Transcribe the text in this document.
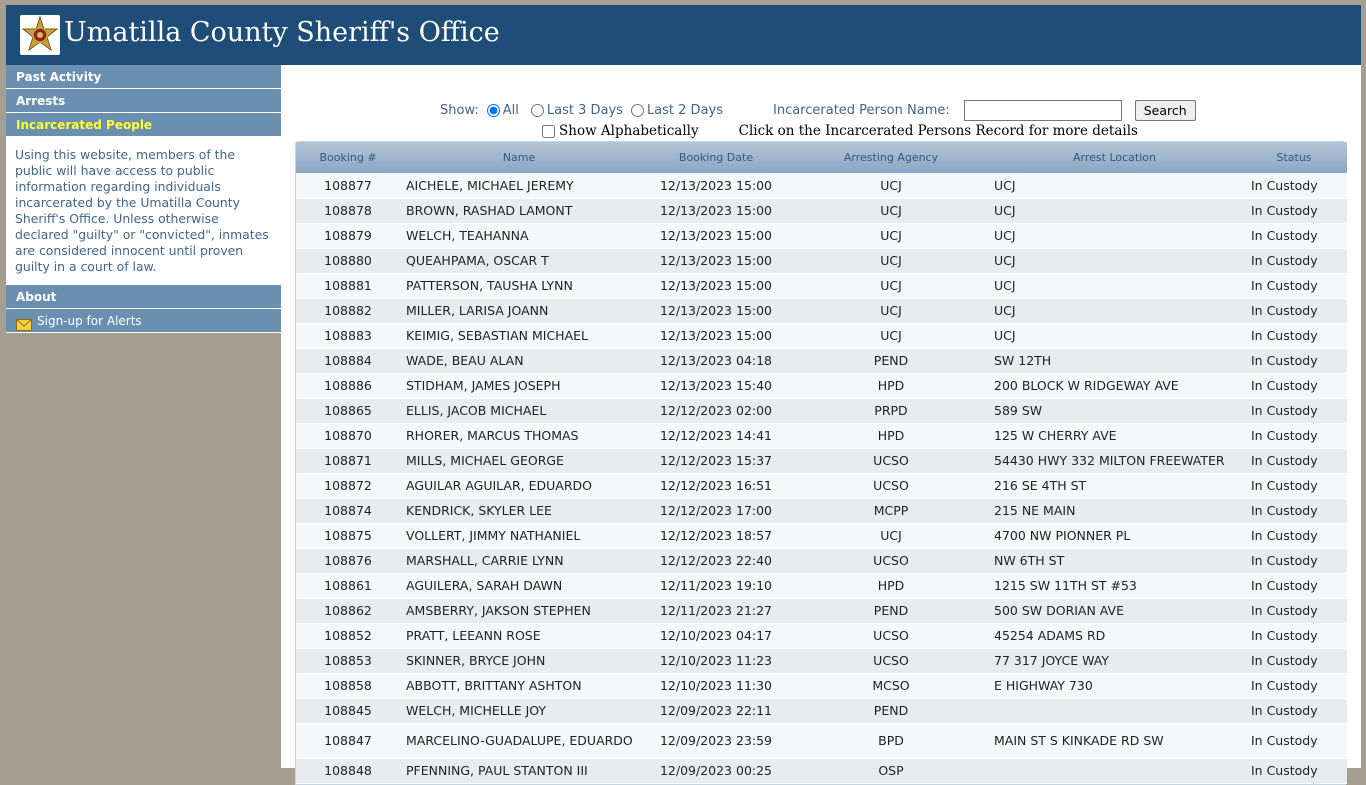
Umatilla County Sheriff's Office
Past Activity
Arrests
Incarcerated People
Using this website, members of the public will have access to public information regarding individuals incarcerated by the Umatilla County Sheriff's Office. Unless otherwise declared "guilty" or "convicted", inmates are considered innocent until proven guilty in a court of law.
About
Sign-up for Alerts
Show: All Last 3 Days Last 2 Days	Incarcerated Person Name:	Search
Show Alphabetically	Click on the Incarcerated Persons Record for more details
Booking #	Name	Booking Date	Arresting Agency	Arrest Location	Status
108877	AICHELE, MICHAEL JEREMY	12/13/2023 15:00	UCJ	UCJ	In Custody
108878	BROWN, RASHAD LAMONT	12/13/2023 15:00	UCJ	UCJ	In Custody
108879	WELCH, TEAHANNA	12/13/2023 15:00	UCJ	UCJ	In Custody
108880	QUEAHPAMA, OSCAR T	12/13/2023 15:00	UCJ	UCJ	In Custody
108881	PATTERSON, TAUSHA LYNN	12/13/2023 15:00	UCJ	UCJ	In Custody
108882	MILLER, LARISA JOANN	12/13/2023 15:00	UCJ	UCJ	In Custody
108883	KEIMIG, SEBASTIAN MICHAEL	12/13/2023 15:00	UCJ	UCJ	In Custody
108884	WADE, BEAU ALAN	12/13/2023 04:18	PEND	SW 12TH	In Custody
108886	STIDHAM, JAMES JOSEPH	12/13/2023 15:40	HPD	200 BLOCK W RIDGEWAY AVE	In Custody
108865	ELLIS, JACOB MICHAEL	12/12/2023 02:00	PRPD	589 SW	In Custody
108870	RHORER, MARCUS THOMAS	12/12/2023 14:41	HPD	125 W CHERRY AVE	In Custody
108871	MILLS, MICHAEL GEORGE	12/12/2023 15:37	UCSO	54430 HWY 332 MILTON FREEWATER	In Custody
108872	AGUILAR AGUILAR, EDUARDO	12/12/2023 16:51	UCSO	216 SE 4TH ST	In Custody
108874	KENDRICK, SKYLER LEE	12/12/2023 17:00	MCPP	215 NE MAIN	In Custody
108875	VOLLERT, JIMMY NATHANIEL	12/12/2023 18:57	UCJ	4700 NW PIONNER PL	In Custody
108876	MARSHALL, CARRIE LYNN	12/12/2023 22:40	UCSO	NW 6TH ST	In Custody
108861	AGUILERA, SARAH DAWN	12/11/2023 19:10	HPD	1215 SW 11TH ST #53	In Custody
108862	AMSBERRY, JAKSON STEPHEN	12/11/2023 21:27	PEND	500 SW DORIAN AVE	In Custody
108852	PRATT, LEEANN ROSE	12/10/2023 04:17	UCSO	45254 ADAMS RD	In Custody
108853	SKINNER, BRYCE JOHN	12/10/2023 11:23	UCSO	77 317 JOYCE WAY	In Custody
108858	ABBOTT, BRITTANY ASHTON	12/10/2023 11:30	MCSO	E HIGHWAY 730	In Custody
108845	WELCH, MICHELLE JOY	12/09/2023 22:11	PEND		In Custody
108847	MARCELINO-GUADALUPE, EDUARDO	12/09/2023 23:59	BPD	MAIN ST S KINKADE RD SW	In Custody
108848	PFENNING, PAUL STANTON III	12/09/2023 00:25	OSP		In Custody
